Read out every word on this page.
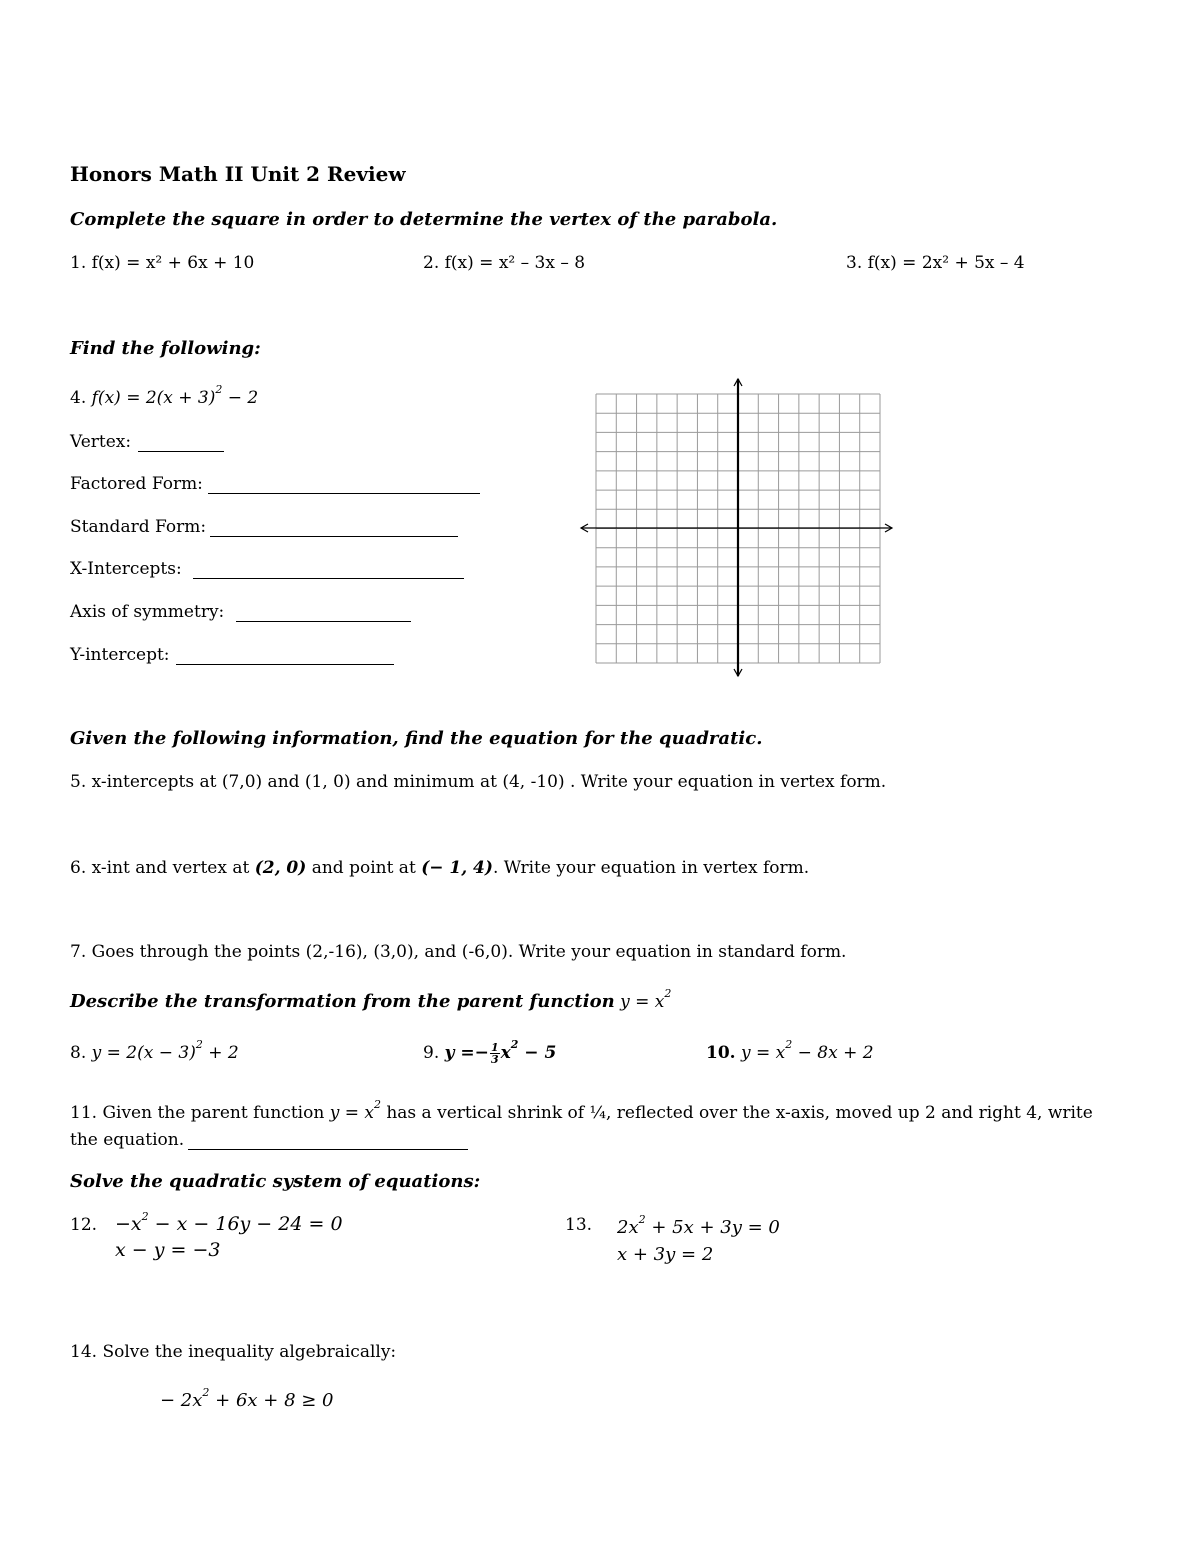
Honors Math II Unit 2 Review
Complete the square in order to determine the vertex of the parabola.
1. f(x) = x² + 6x + 10	2. f(x) = x² – 3x – 8	3. f(x) = 2x² + 5x – 4
Find the following:
4. $f(x) = 2(x + 3)^2 - 2$
Vertex:
Factored Form:
Standard Form:
X-Intercepts:
Axis of symmetry:
Y-intercept:
Given the following information, find the equation for the quadratic.
5. x-intercepts at (7,0) and (1, 0) and minimum at (4, -10) . Write your equation in vertex form.
6. x-int and vertex at (2, 0) and point at (− 1, 4). Write your equation in vertex form.
7. Goes through the points (2,-16), (3,0), and (-6,0). Write your equation in standard form.
Describe the transformation from the parent function $y = x^2$
8. $y = 2(x - 3)^2 + 2$	9. $y =- \frac{1}{3} x^2 - 5$	10. $y = x^2 - 8x + 2$
11. Given the parent function $y = x^2$ has a vertical shrink of ¼, reflected over the x-axis, moved up 2 and right 4, write
the equation.
Solve the quadratic system of equations:
12. $-x^2 - x - 16y - 24 = 0$
x − y = −3
13. $2x^2 + 5x + 3y = 0$
x + 3y = 2
14. Solve the inequality algebraically:
− $2x^2 + 6x + 8 \ge 0$
